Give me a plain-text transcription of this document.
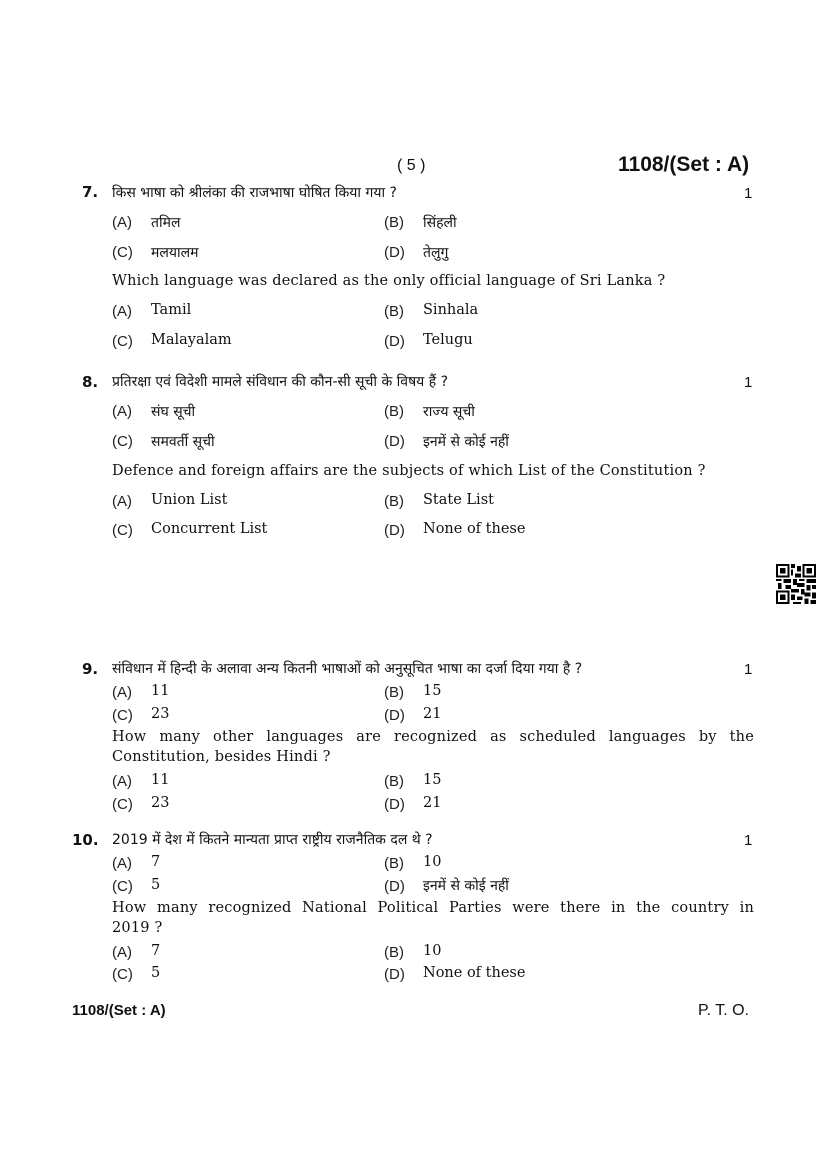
( 5 )	1108/(Set : A)
7. किस भाषा को श्रीलंका की राजभाषा घोषित किया गया ?	1
(A) तमिल	(B) सिंहली
(C) मलयालम	(D) तेलुगु
Which language was declared as the only official language of Sri Lanka ?
(A) Tamil	(B) Sinhala
(C) Malayalam	(D) Telugu
8. प्रतिरक्षा एवं विदेशी मामले संविधान की कौन-सी सूची के विषय हैं ?	1
(A) संघ सूची	(B) राज्य सूची
(C) समवर्ती सूची	(D) इनमें से कोई नहीं
Defence and foreign affairs are the subjects of which List of the Constitution ?
(A) Union List	(B) State List
(C) Concurrent List	(D) None of these
9. संविधान में हिन्दी के अलावा अन्य कितनी भाषाओं को अनुसूचित भाषा का दर्जा दिया गया है ?	1
(A) 11	(B) 15
(C) 23	(D) 21
How many other languages are recognized as scheduled languages by the
Constitution, besides Hindi ?
(A) 11	(B) 15
(C) 23	(D) 21
10. 2019 में देश में कितने मान्यता प्राप्त राष्ट्रीय राजनैतिक दल थे ?	1
(A) 7	(B) 10
(C) 5	(D) इनमें से कोई नहीं
How many recognized National Political Parties were there in the country in
2019 ?
(A) 7	(B) 10
(C) 5	(D) None of these
1108/(Set : A)	P. T. O.
